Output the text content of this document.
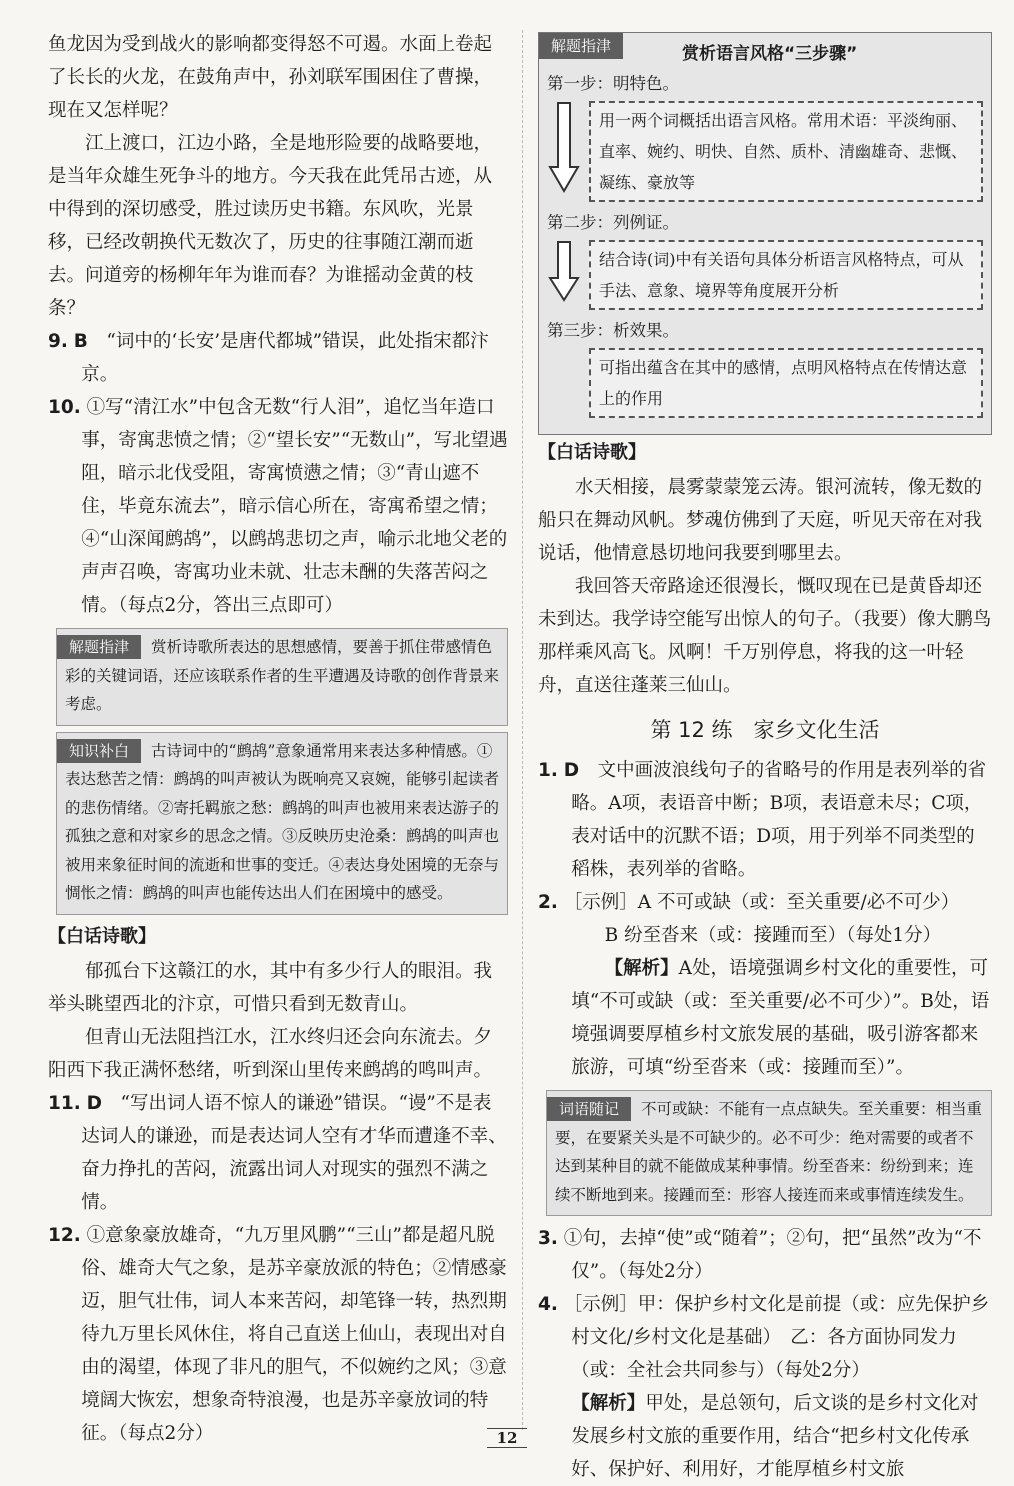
鱼龙因为受到战火的影响都变得怒不可遏。水面上卷起了长长的火龙，在鼓角声中，孙刘联军围困住了曹操，现在又怎样呢？

江上渡口，江边小路，全是地形险要的战略要地，是当年众雄生死争斗的地方。今天我在此凭吊古迹，从中得到的深切感受，胜过读历史书籍。东风吹，光景移，已经改朝换代无数次了，历史的往事随江潮而逝去。问道旁的杨柳年年为谁而春？为谁摇动金黄的枝条？

9. B　 “词中的‘长安’是唐代都城”错误，此处指宋都汴京。
10. ①写“清江水”中包含无数“行人泪”，追忆当年造口事，寄寓悲愤之情；②“望长安”“无数山”，写北望遇阻，暗示北伐受阻，寄寓愤懑之情；③“青山遮不住，毕竟东流去”，暗示信心所在，寄寓希望之情；④“山深闻鹧鸪”，以鹧鸪悲切之声，喻示北地父老的声声召唤，寄寓功业未就、壮志未酬的失落苦闷之情。（每点2分，答出三点即可）
解题指津 赏析诗歌所表达的思想感情，要善于抓住带感情色彩的关键词语，还应该联系作者的生平遭遇及诗歌的创作背景来考虑。
知识补白 古诗词中的“鹧鸪”意象通常用来表达多种情感。①表达愁苦之情：鹧鸪的叫声被认为既响亮又哀婉，能够引起读者的悲伤情绪。②寄托羁旅之愁：鹧鸪的叫声也被用来表达游子的孤独之意和对家乡的思念之情。③反映历史沧桑：鹧鸪的叫声也被用来象征时间的流逝和世事的变迁。④表达身处困境的无奈与惆怅之情：鹧鸪的叫声也能传达出人们在困境中的感受。
【白话诗歌】

郁孤台下这赣江的水，其中有多少行人的眼泪。我举头眺望西北的汴京，可惜只看到无数青山。

但青山无法阻挡江水，江水终归还会向东流去。夕阳西下我正满怀愁绪，听到深山里传来鹧鸪的鸣叫声。

11. D　 “写出词人语不惊人的谦逊”错误。“谩”不是表达词人的谦逊，而是表达词人空有才华而遭逢不幸、奋力挣扎的苦闷，流露出词人对现实的强烈不满之情。
12. ①意象豪放雄奇，“九万里风鹏”“三山”都是超凡脱俗、雄奇大气之象，是苏辛豪放派的特色；②情感豪迈，胆气壮伟，词人本来苦闷，却笔锋一转，热烈期待九万里长风休住，将自己直送上仙山，表现出对自由的渴望，体现了非凡的胆气，不似婉约之风；③意境阔大恢宏，想象奇特浪漫，也是苏辛豪放词的特征。（每点2分）
解题指津	赏析语言风格“三步骤”
第一步：明特色。
用一两个词概括出语言风格。常用术语：平淡绚丽、直率、婉约、明快、自然、质朴、清幽雄奇、悲慨、凝练、豪放等
第二步：列例证。
结合诗(词)中有关语句具体分析语言风格特点，可从手法、意象、境界等角度展开分析
第三步：析效果。
可指出蕴含在其中的感情，点明风格特点在传情达意上的作用
【白话诗歌】

水天相接，晨雾蒙蒙笼云涛。银河流转，像无数的船只在舞动风帆。梦魂仿佛到了天庭，听见天帝在对我说话，他情意恳切地问我要到哪里去。

我回答天帝路途还很漫长，慨叹现在已是黄昏却还未到达。我学诗空能写出惊人的句子。（我要）像大鹏鸟那样乘风高飞。风啊！千万别停息，将我的这一叶轻舟，直送往蓬莱三仙山。

第 12 练　家乡文化生活
1. D　 文中画波浪线句子的省略号的作用是表列举的省略。A项，表语音中断；B项，表语意未尽；C项，表对话中的沉默不语；D项，用于列举不同类型的稻株，表列举的省略。
2. ［示例］A 不可或缺（或：至关重要/必不可少）
B 纷至沓来（或：接踵而至）（每处1分）
【解析】A处，语境强调乡村文化的重要性，可填“不可或缺（或：至关重要/必不可少）”。B处，语境强调要厚植乡村文旅发展的基础，吸引游客都来旅游，可填“纷至沓来（或：接踵而至）”。
词语随记 不可或缺：不能有一点点缺失。至关重要：相当重要，在要紧关头是不可缺少的。必不可少：绝对需要的或者不达到某种目的就不能做成某种事情。纷至沓来：纷纷到来；连续不断地到来。接踵而至：形容人接连而来或事情连续发生。
3. ①句，去掉“使”或“随着”；②句，把“虽然”改为“不仅”。（每处2分）
4. ［示例］甲：保护乡村文化是前提（或：应先保护乡村文化/乡村文化是基础）　乙：各方面协同发力（或：全社会共同参与）（每处2分）
【解析】甲处，是总领句，后文谈的是乡村文化对发展乡村文旅的重要作用，结合“把乡村文化传承好、保护好、利用好，才能厚植乡村文旅
12
